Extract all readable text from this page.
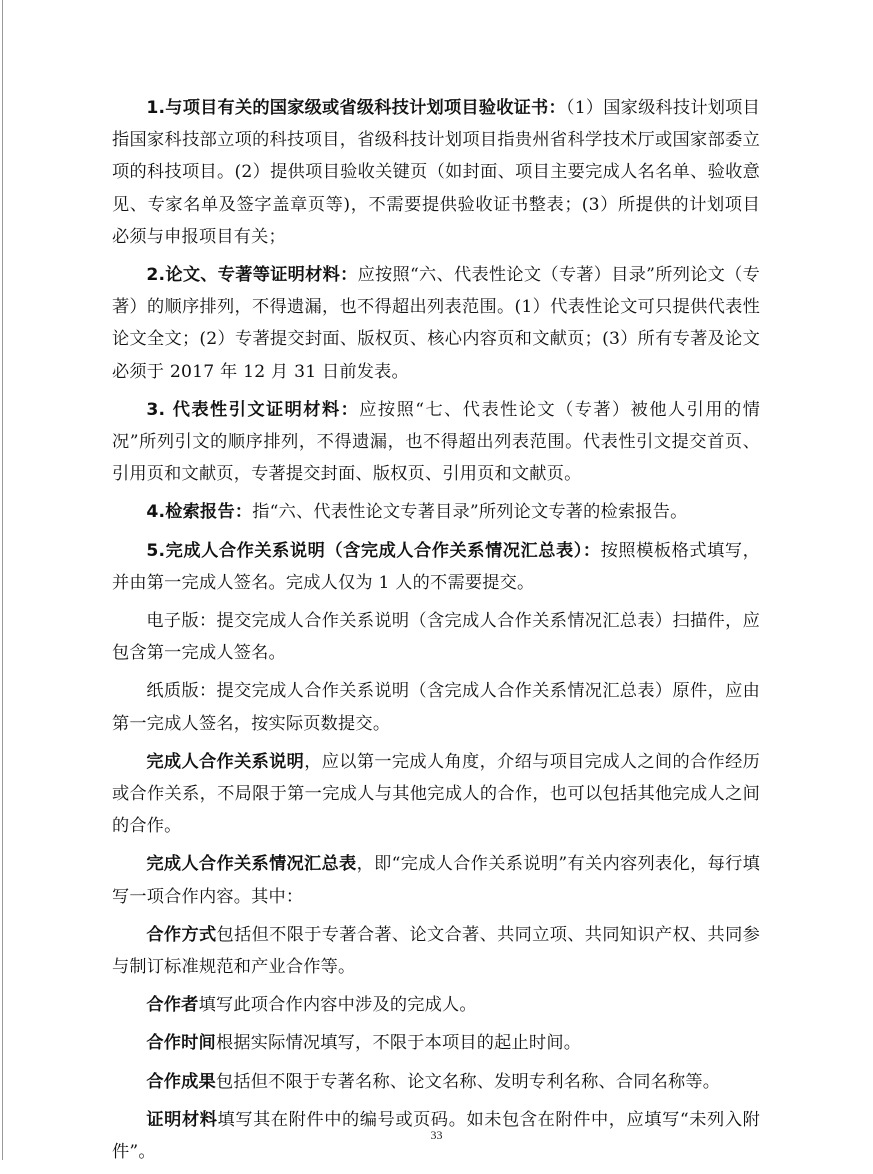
1.与项目有关的国家级或省级科技计划项目验收证书：（1）国家级科技计划项目指国家科技部立项的科技项目，省级科技计划项目指贵州省科学技术厅或国家部委立项的科技项目。(2）提供项目验收关键页（如封面、项目主要完成人名名单、验收意见、专家名单及签字盖章页等)，不需要提供验收证书整表；(3）所提供的计划项目必须与申报项目有关；

2.论文、专著等证明材料：应按照“六、代表性论文（专著）目录”所列论文（专著）的顺序排列，不得遗漏，也不得超出列表范围。(1）代表性论文可只提供代表性论文全文；(2）专著提交封面、版权页、核心内容页和文献页；(3）所有专著及论文必须于 2017 年 12 月 31 日前发表。

3. 代表性引文证明材料：应按照“七、代表性论文（专著）被他人引用的情况”所列引文的顺序排列，不得遗漏，也不得超出列表范围。代表性引文提交首页、引用页和文献页，专著提交封面、版权页、引用页和文献页。

4.检索报告：指“六、代表性论文专著目录”所列论文专著的检索报告。

5.完成人合作关系说明（含完成人合作关系情况汇总表）：按照模板格式填写，并由第一完成人签名。完成人仅为 1 人的不需要提交。

电子版：提交完成人合作关系说明（含完成人合作关系情况汇总表）扫描件，应包含第一完成人签名。

纸质版：提交完成人合作关系说明（含完成人合作关系情况汇总表）原件，应由第一完成人签名，按实际页数提交。

完成人合作关系说明，应以第一完成人角度，介绍与项目完成人之间的合作经历或合作关系，不局限于第一完成人与其他完成人的合作，也可以包括其他完成人之间的合作。

完成人合作关系情况汇总表，即“完成人合作关系说明”有关内容列表化，每行填写一项合作内容。其中：

合作方式包括但不限于专著合著、论文合著、共同立项、共同知识产权、共同参与制订标准规范和产业合作等。

合作者填写此项合作内容中涉及的完成人。

合作时间根据实际情况填写，不限于本项目的起止时间。

合作成果包括但不限于专著名称、论文名称、发明专利名称、合同名称等。

证明材料填写其在附件中的编号或页码。如未包含在附件中，应填写“未列入附件”。

33
